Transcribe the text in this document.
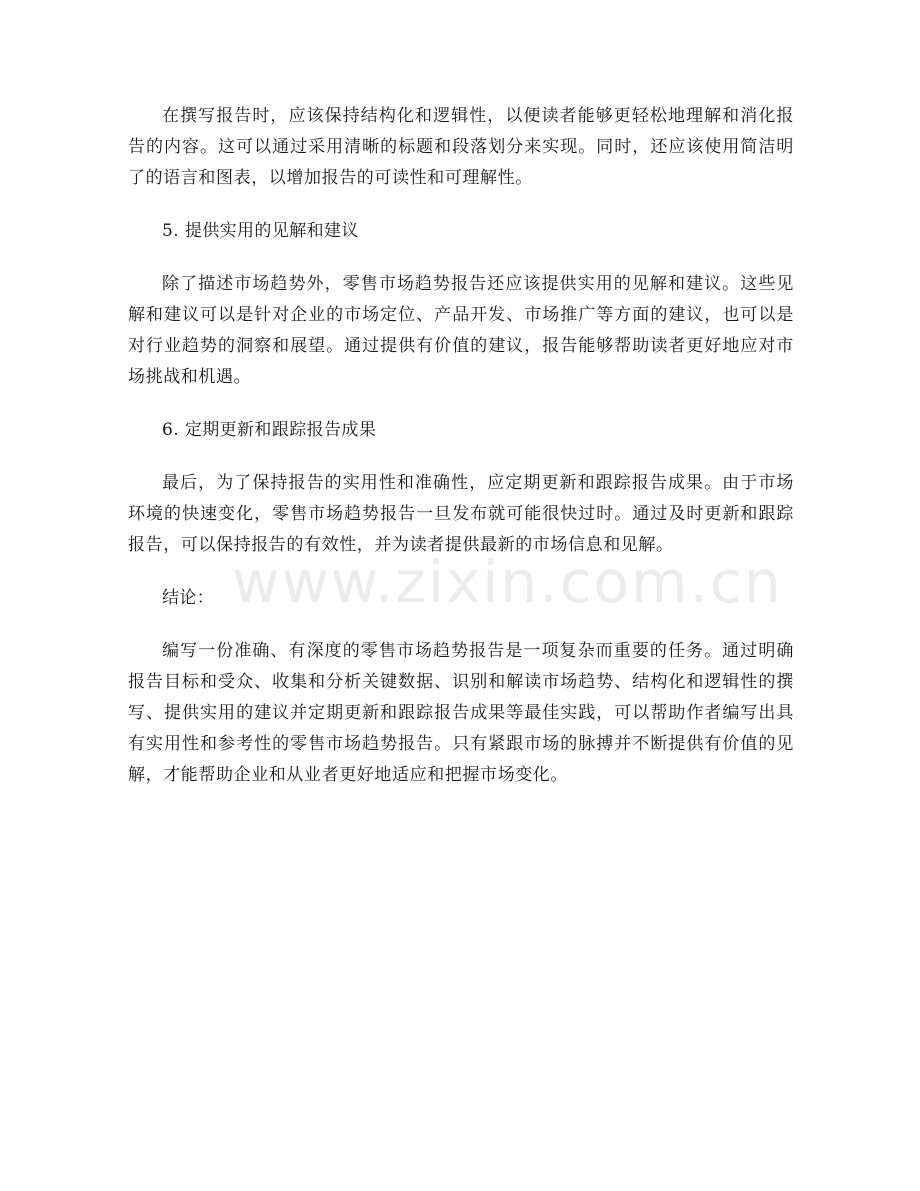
在撰写报告时，应该保持结构化和逻辑性，以便读者能够更轻松地理解和消化报告的内容。这可以通过采用清晰的标题和段落划分来实现。同时，还应该使用简洁明了的语言和图表，以增加报告的可读性和可理解性。

5. 提供实用的见解和建议

除了描述市场趋势外，零售市场趋势报告还应该提供实用的见解和建议。这些见解和建议可以是针对企业的市场定位、产品开发、市场推广等方面的建议，也可以是对行业趋势的洞察和展望。通过提供有价值的建议，报告能够帮助读者更好地应对市场挑战和机遇。

6. 定期更新和跟踪报告成果

最后，为了保持报告的实用性和准确性，应定期更新和跟踪报告成果。由于市场环境的快速变化，零售市场趋势报告一旦发布就可能很快过时。通过及时更新和跟踪报告，可以保持报告的有效性，并为读者提供最新的市场信息和见解。

结论：

编写一份准确、有深度的零售市场趋势报告是一项复杂而重要的任务。通过明确报告目标和受众、收集和分析关键数据、识别和解读市场趋势、结构化和逻辑性的撰写、提供实用的建议并定期更新和跟踪报告成果等最佳实践，可以帮助作者编写出具有实用性和参考性的零售市场趋势报告。只有紧跟市场的脉搏并不断提供有价值的见解，才能帮助企业和从业者更好地适应和把握市场变化。

www.zixin.com.cn
